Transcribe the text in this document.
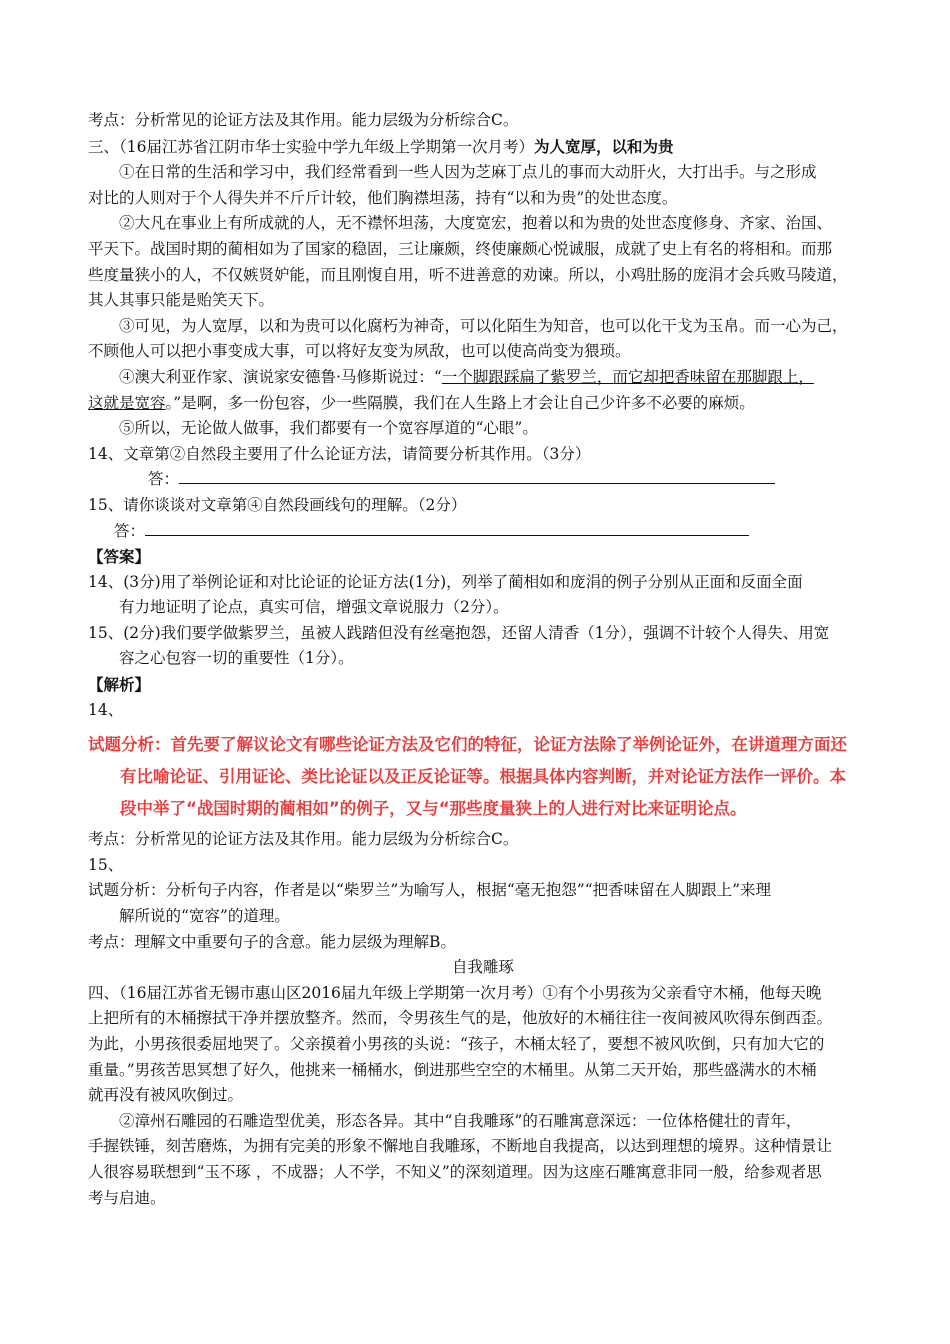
考点：分析常见的论证方法及其作用。能力层级为分析综合C。
三、（16届江苏省江阴市华士实验中学九年级上学期第一次月考）为人宽厚，以和为贵
①在日常的生活和学习中，我们经常看到一些人因为芝麻丁点儿的事而大动肝火，大打出手。与之形成
对比的人则对于个人得失并不斤斤计较，他们胸襟坦荡，持有“以和为贵”的处世态度。
②大凡在事业上有所成就的人，无不襟怀坦荡，大度宽宏，抱着以和为贵的处世态度修身、齐家、治国、
平天下。战国时期的蔺相如为了国家的稳固，三让廉颇，终使廉颇心悦诚服，成就了史上有名的将相和。而那
些度量狭小的人，不仅嫉贤妒能，而且刚愎自用，听不进善意的劝谏。所以，小鸡肚肠的庞涓才会兵败马陵道，
其人其事只能是贻笑天下。
③可见，为人宽厚，以和为贵可以化腐朽为神奇，可以化陌生为知音，也可以化干戈为玉帛。而一心为己，
不顾他人可以把小事变成大事，可以将好友变为夙敌，也可以使高尚变为猥琐。
④澳大利亚作家、演说家安德鲁·马修斯说过：“一个脚跟踩扁了紫罗兰，而它却把香味留在那脚跟上，
这就是宽容。”是啊，多一份包容，少一些隔膜，我们在人生路上才会让自己少许多不必要的麻烦。
⑤所以，无论做人做事，我们都要有一个宽容厚道的“心眼”。
14、文章第②自然段主要用了什么论证方法，请简要分析其作用。（3分）
答：
15、请你谈谈对文章第④自然段画线句的理解。（2分）
答：
【答案】
14、(3分)用了举例论证和对比论证的论证方法(1分)，列举了蔺相如和庞涓的例子分别从正面和反面全面
有力地证明了论点，真实可信，增强文章说服力（2分）。
15、(2分)我们要学做紫罗兰，虽被人践踏但没有丝毫抱怨，还留人清香（1分），强调不计较个人得失、用宽
容之心包容一切的重要性（1分）。
【解析】
14、
试题分析：首先要了解议论文有哪些论证方法及它们的特征，论证方法除了举例论证外，在讲道理方面还
有比喻论证、引用证论、类比论证以及正反论证等。根据具体内容判断，并对论证方法作一评价。本
段中举了“战国时期的蔺相如”的例子，又与“那些度量狭上的人进行对比来证明论点。
考点：分析常见的论证方法及其作用。能力层级为分析综合C。
15、
试题分析：分析句子内容，作者是以“柴罗兰”为喻写人，根据“毫无抱怨”“把香味留在人脚跟上”来理
解所说的“宽容”的道理。
考点：理解文中重要句子的含意。能力层级为理解B。
自我雕琢
四、（16届江苏省无锡市惠山区2016届九年级上学期第一次月考）①有个小男孩为父亲看守木桶，他每天晚
上把所有的木桶擦拭干净并摆放整齐。然而，令男孩生气的是，他放好的木桶往往一夜间被风吹得东倒西歪。
为此，小男孩很委屈地哭了。父亲摸着小男孩的头说：“孩子，木桶太轻了，要想不被风吹倒，只有加大它的
重量。”男孩苦思冥想了好久，他挑来一桶桶水，倒进那些空空的木桶里。从第二天开始，那些盛满水的木桶
就再没有被风吹倒过。
②漳州石雕园的石雕造型优美，形态各异。其中“自我雕琢”的石雕寓意深远：一位体格健壮的青年，
手握铁锤，刻苦磨炼，为拥有完美的形象不懈地自我雕琢，不断地自我提高，以达到理想的境界。这种情景让
人很容易联想到“玉不琢 ，不成器；人不学，不知义”的深刻道理。因为这座石雕寓意非同一般，给参观者思
考与启迪。
